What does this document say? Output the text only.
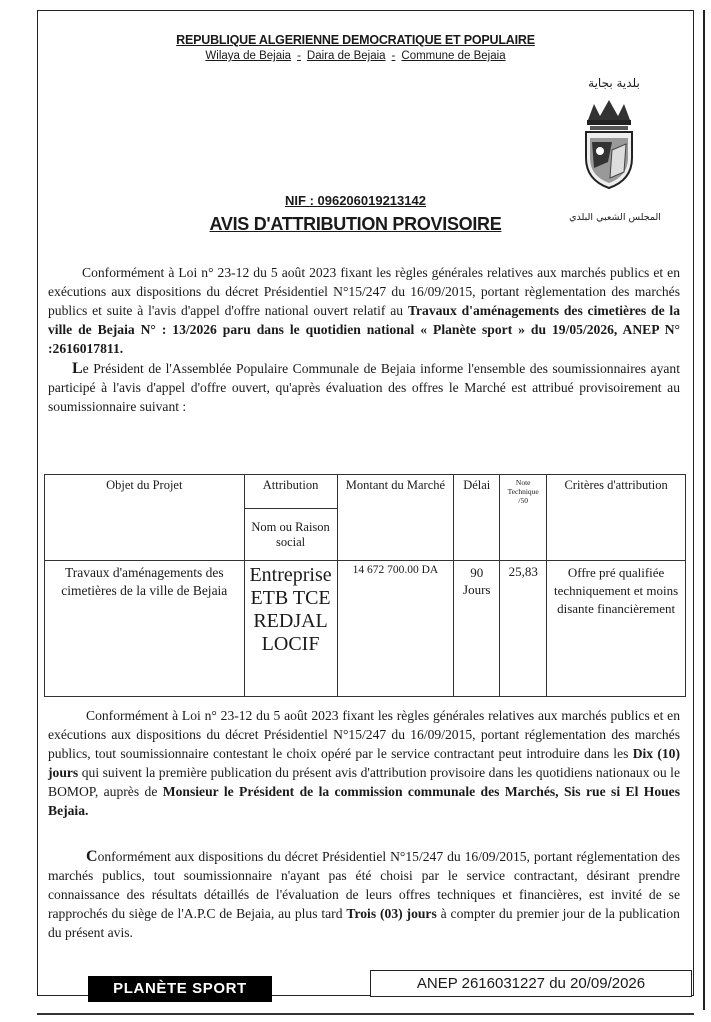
REPUBLIQUE ALGERIENNE DEMOCRATIQUE ET POPULAIRE
Wilaya de Bejaia - Daira de Bejaia - Commune de Bejaia
بلدية بجاية
المجلس الشعبي البلدي
NIF : 096206019213142
AVIS D'ATTRIBUTION PROVISOIRE
Conformément à Loi n° 23-12 du 5 août 2023 fixant les règles générales relatives aux marchés publics et en exécutions aux dispositions du décret Présidentiel N°15/247 du 16/09/2015, portant règlementation des marchés publics et suite à l'avis d'appel d'offre national ouvert relatif au Travaux d'aménagements des cimetières de la ville de Bejaia N° : 13/2026 paru dans le quotidien national « Planète sport » du 19/05/2026, ANEP N° :2616017811.
Le Président de l'Assemblée Populaire Communale de Bejaia informe l'ensemble des soumissionnaires ayant participé à l'avis d'appel d'offre ouvert, qu'après évaluation des offres le Marché est attribué provisoirement au soumissionnaire suivant :
Objet du Projet	Attribution	Montant du Marché	Délai	Note Technique /50	Critères d'attribution
	Nom ou Raison social				
Travaux d'aménagements des cimetières de la ville de Bejaia	Entreprise ETB TCE REDJAL LOCIF	14 672 700.00 DA	90 Jours	25,83	Offre pré qualifiée techniquement et moins disante financièrement
Conformément à Loi n° 23-12 du 5 août 2023 fixant les règles générales relatives aux marchés publics et en exécutions aux dispositions du décret Présidentiel N°15/247 du 16/09/2015, portant réglementation des marchés publics, tout soumissionnaire contestant le choix opéré par le service contractant peut introduire dans les Dix (10) jours qui suivent la première publication du présent avis d'attribution provisoire dans les quotidiens nationaux ou le BOMOP, auprès de Monsieur le Président de la commission communale des Marchés, Sis rue si El Houes Bejaia.
Conformément aux dispositions du décret Présidentiel N°15/247 du 16/09/2015, portant réglementation des marchés publics, tout soumissionnaire n'ayant pas été choisi par le service contractant, désirant prendre connaissance des résultats détaillés de l'évaluation de leurs offres techniques et financières, est invité de se rapprochés du siège de l'A.P.C de Bejaia, au plus tard Trois (03) jours à compter du premier jour de la publication du présent avis.
PLANÈTE SPORT	ANEP 2616031227 du 20/09/2026
